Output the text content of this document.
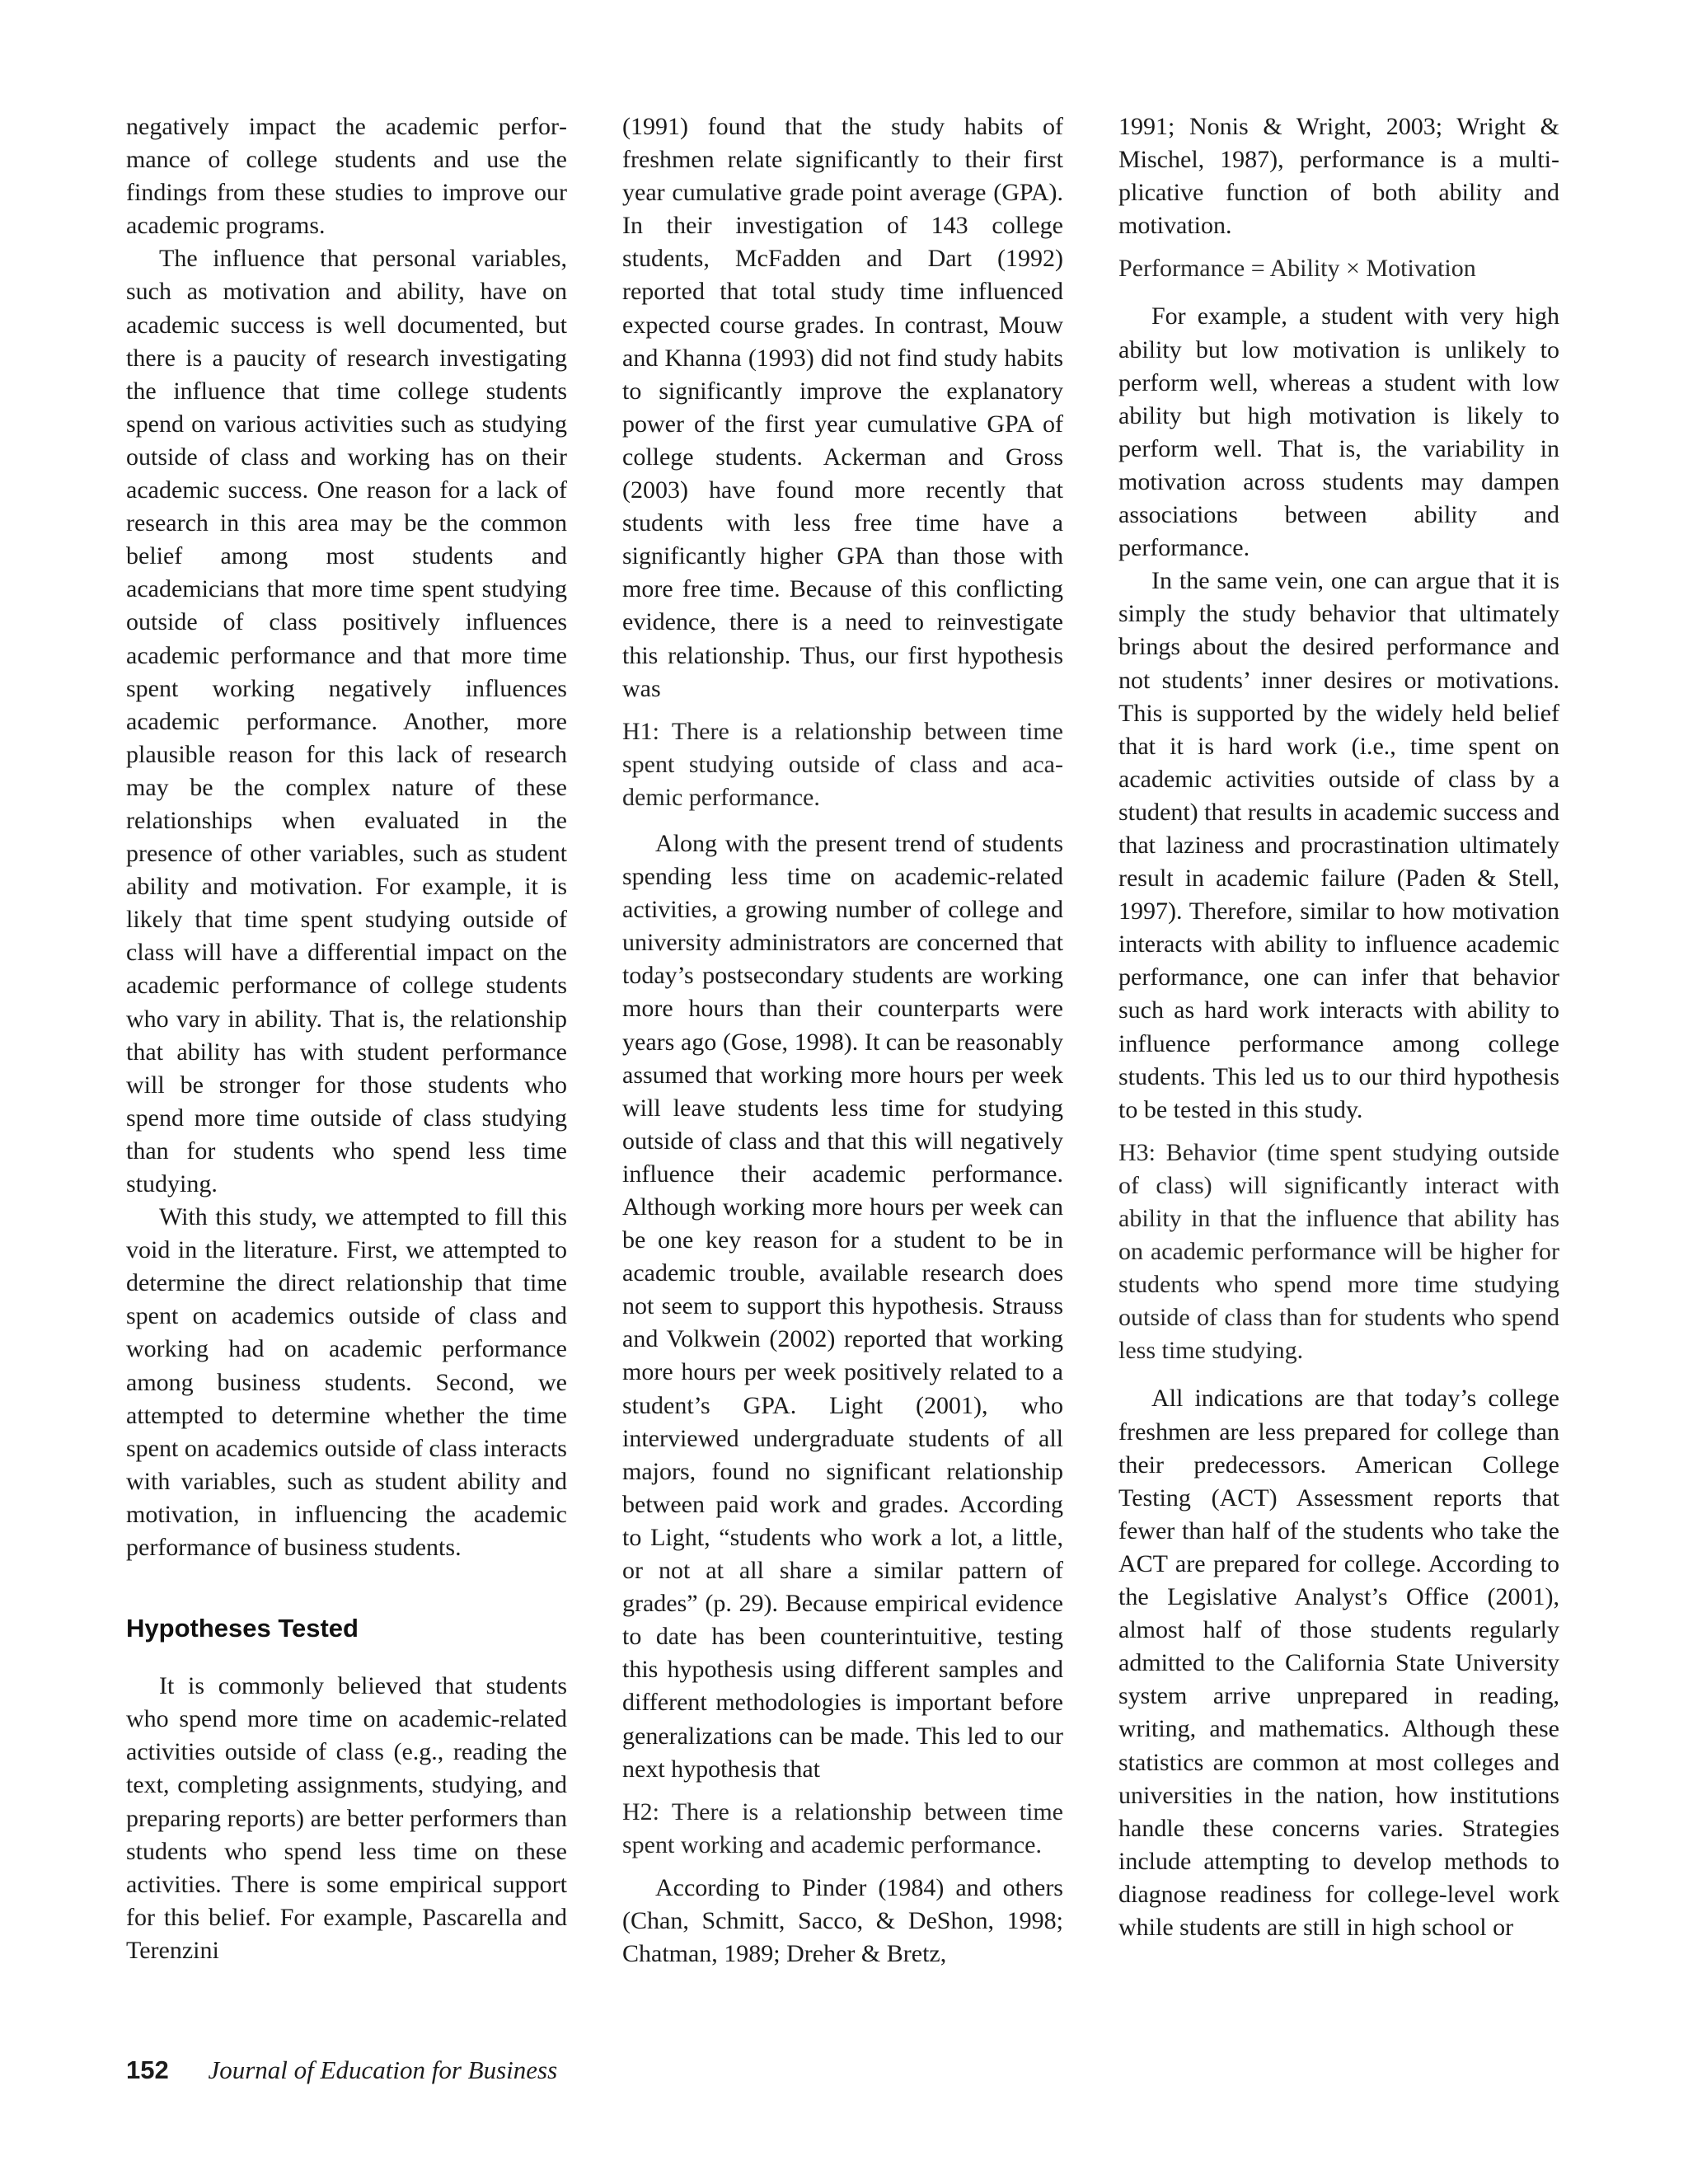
negatively impact the academic performance of college students and use the findings from these studies to improve our academic programs.

The influence that personal variables, such as motivation and ability, have on academic success is well documented, but there is a paucity of research investigating the influence that time college students spend on various activities such as studying outside of class and working has on their academic success. One reason for a lack of research in this area may be the common belief among most students and academicians that more time spent studying outside of class positively influences academic performance and that more time spent working negatively influences academic performance. Another, more plausible reason for this lack of research may be the complex nature of these relationships when evaluated in the presence of other variables, such as student ability and motivation. For example, it is likely that time spent studying outside of class will have a differential impact on the academic performance of college students who vary in ability. That is, the relationship that ability has with student performance will be stronger for those students who spend more time outside of class studying than for students who spend less time studying.

With this study, we attempted to fill this void in the literature. First, we attempted to determine the direct relationship that time spent on academics outside of class and working had on academic performance among business students. Second, we attempted to determine whether the time spent on academics outside of class interacts with variables, such as student ability and motivation, in influencing the academic performance of business students.

Hypotheses Tested

It is commonly believed that students who spend more time on academic-related activities outside of class (e.g., reading the text, completing assignments, studying, and preparing reports) are better performers than students who spend less time on these activities. There is some empirical support for this belief. For example, Pascarella and Terenzini

(1991) found that the study habits of freshmen relate significantly to their first year cumulative grade point average (GPA). In their investigation of 143 college students, McFadden and Dart (1992) reported that total study time influenced expected course grades. In contrast, Mouw and Khanna (1993) did not find study habits to significantly improve the explanatory power of the first year cumulative GPA of college students. Ackerman and Gross (2003) have found more recently that students with less free time have a significantly higher GPA than those with more free time. Because of this conflicting evidence, there is a need to reinvestigate this relationship. Thus, our first hypothesis was

H1: There is a relationship between time spent studying outside of class and academic performance.

Along with the present trend of students spending less time on academic-related activities, a growing number of college and university administrators are concerned that today’s postsecondary students are working more hours than their counterparts were years ago (Gose, 1998). It can be reasonably assumed that working more hours per week will leave students less time for studying outside of class and that this will negatively influence their academic performance. Although working more hours per week can be one key reason for a student to be in academic trouble, available research does not seem to support this hypothesis. Strauss and Volkwein (2002) reported that working more hours per week positively related to a student’s GPA. Light (2001), who interviewed undergraduate students of all majors, found no significant relationship between paid work and grades. According to Light, “students who work a lot, a little, or not at all share a similar pattern of grades” (p. 29). Because empirical evidence to date has been counterintuitive, testing this hypothesis using different samples and different methodologies is important before generalizations can be made. This led to our next hypothesis that

H2: There is a relationship between time spent working and academic performance.

According to Pinder (1984) and others (Chan, Schmitt, Sacco, & DeShon, 1998; Chatman, 1989; Dreher & Bretz,

1991; Nonis & Wright, 2003; Wright & Mischel, 1987), performance is a multiplicative function of both ability and motivation.

Performance = Ability × Motivation

For example, a student with very high ability but low motivation is unlikely to perform well, whereas a student with low ability but high motivation is likely to perform well. That is, the variability in motivation across students may dampen associations between ability and performance.

In the same vein, one can argue that it is simply the study behavior that ultimately brings about the desired performance and not students’ inner desires or motivations. This is supported by the widely held belief that it is hard work (i.e., time spent on academic activities outside of class by a student) that results in academic success and that laziness and procrastination ultimately result in academic failure (Paden & Stell, 1997). Therefore, similar to how motivation interacts with ability to influence academic performance, one can infer that behavior such as hard work interacts with ability to influence performance among college students. This led us to our third hypothesis to be tested in this study.

H3: Behavior (time spent studying outside of class) will significantly interact with ability in that the influence that ability has on academic performance will be higher for students who spend more time studying outside of class than for students who spend less time studying.

All indications are that today’s college freshmen are less prepared for college than their predecessors. American College Testing (ACT) Assessment reports that fewer than half of the students who take the ACT are prepared for college. According to the Legislative Analyst’s Office (2001), almost half of those students regularly admitted to the California State University system arrive unprepared in reading, writing, and mathematics. Although these statistics are common at most colleges and universities in the nation, how institutions handle these concerns varies. Strategies include attempting to develop methods to diagnose readiness for college-level work while students are still in high school or

152 Journal of Education for Business
